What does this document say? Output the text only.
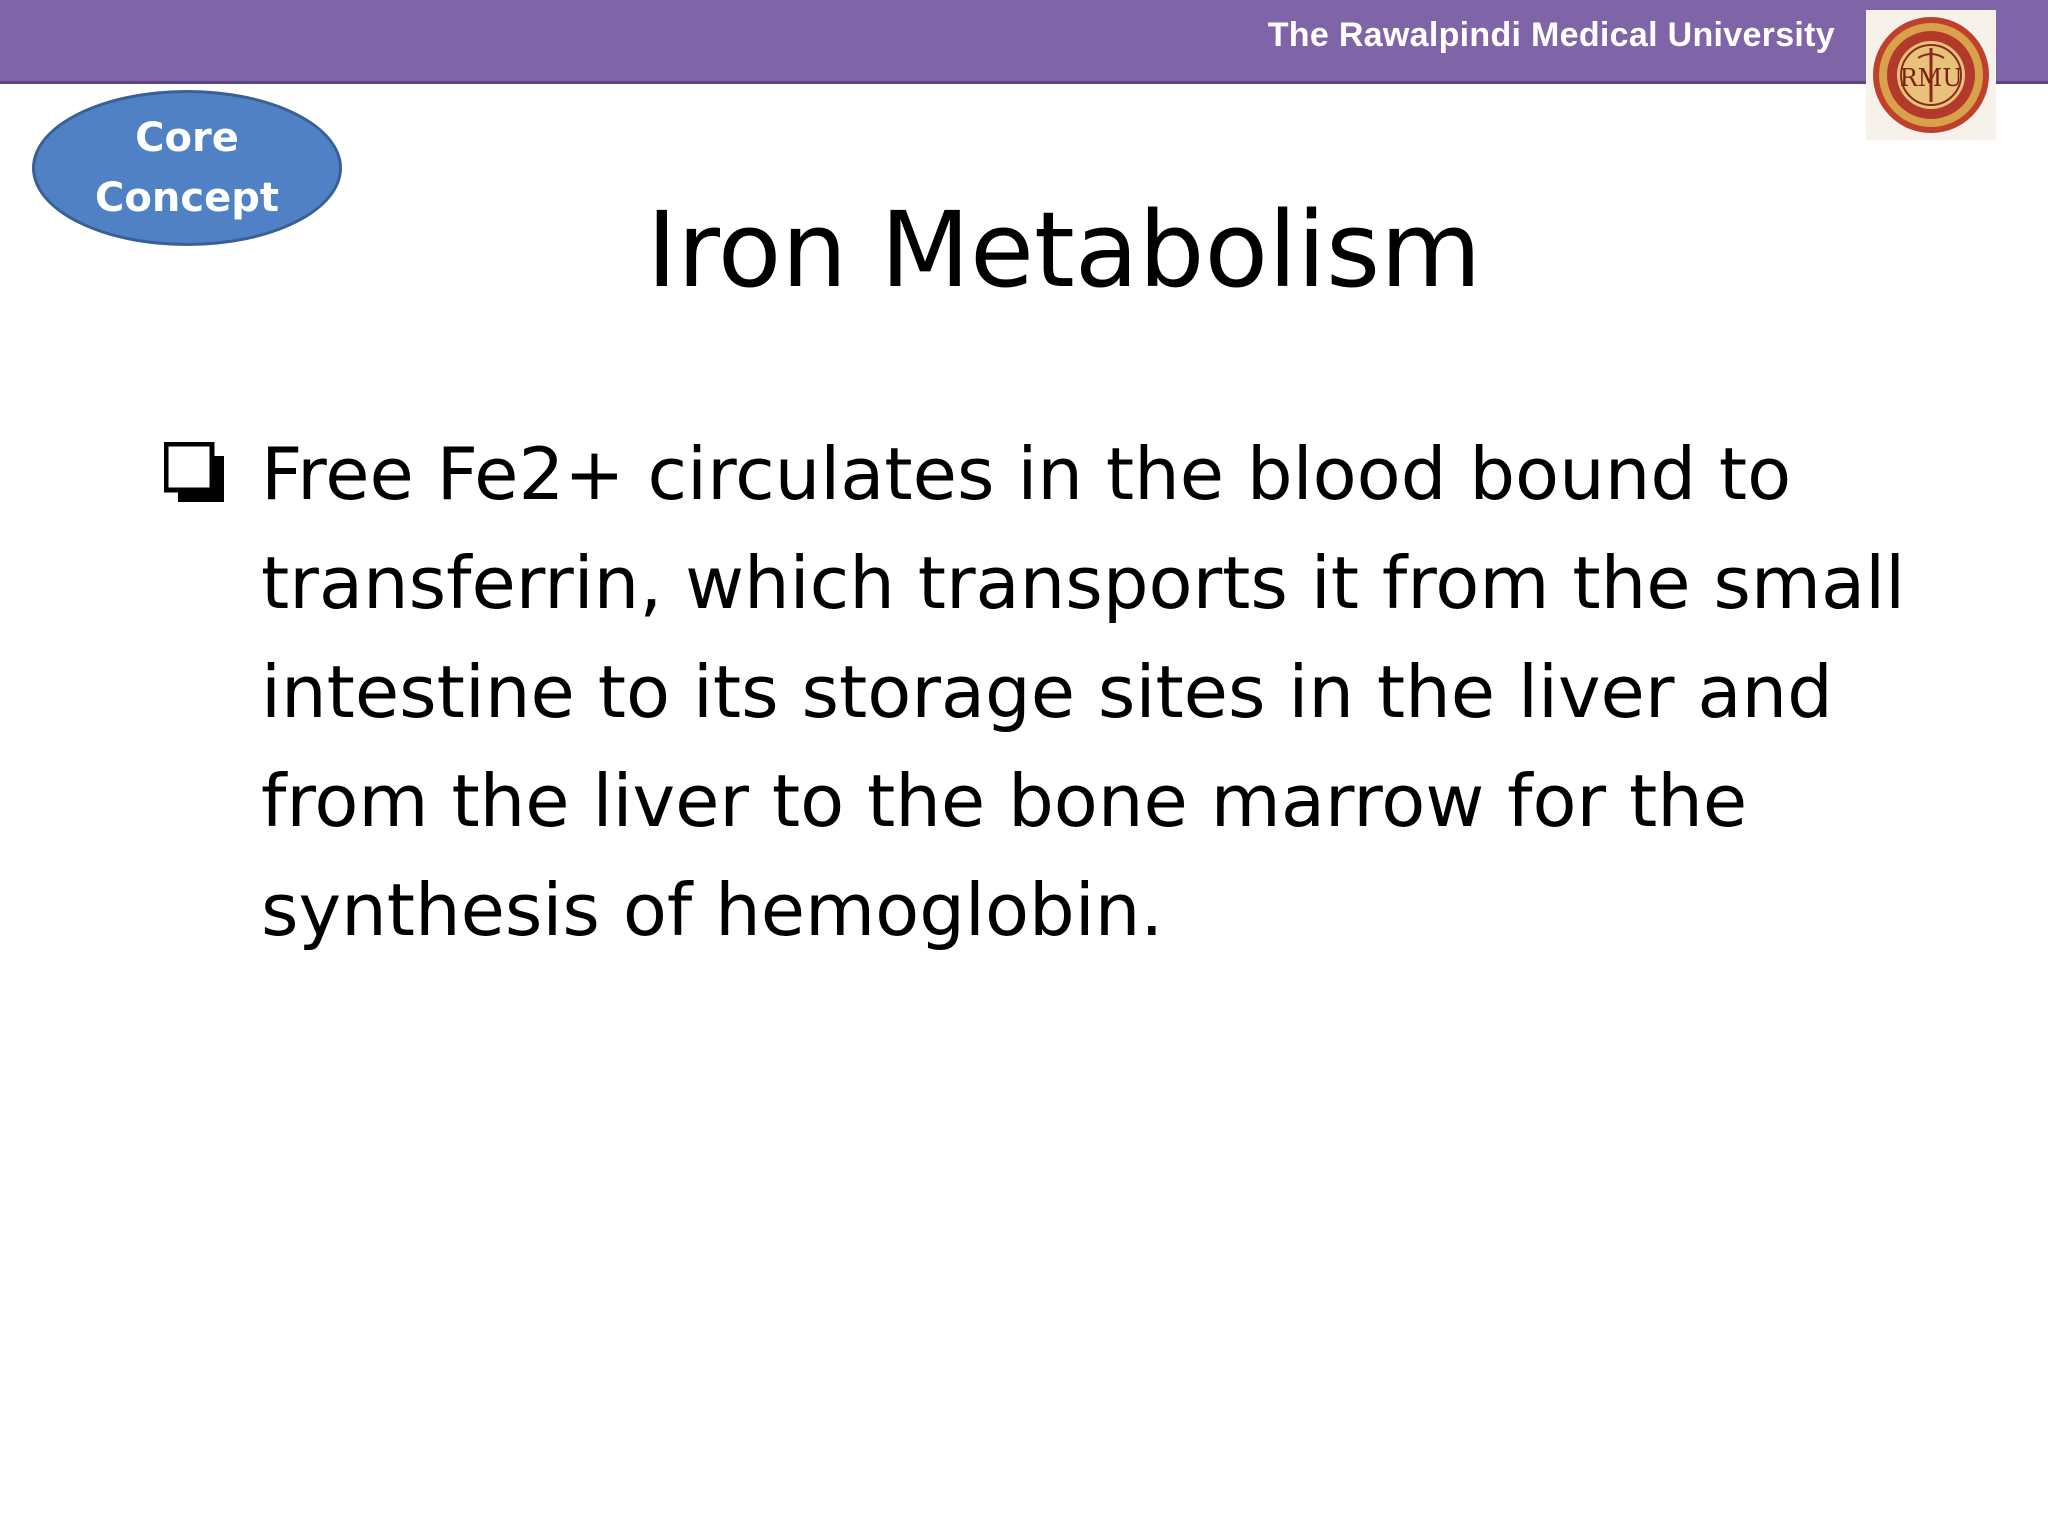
The Rawalpindi Medical University
RMU
Core
Concept	Iron Metabolism
Free Fe2+ circulates in the blood bound to
transferrin, which transports it from the small
intestine to its storage sites in the liver and
from the liver to the bone marrow for the
synthesis of hemoglobin.
